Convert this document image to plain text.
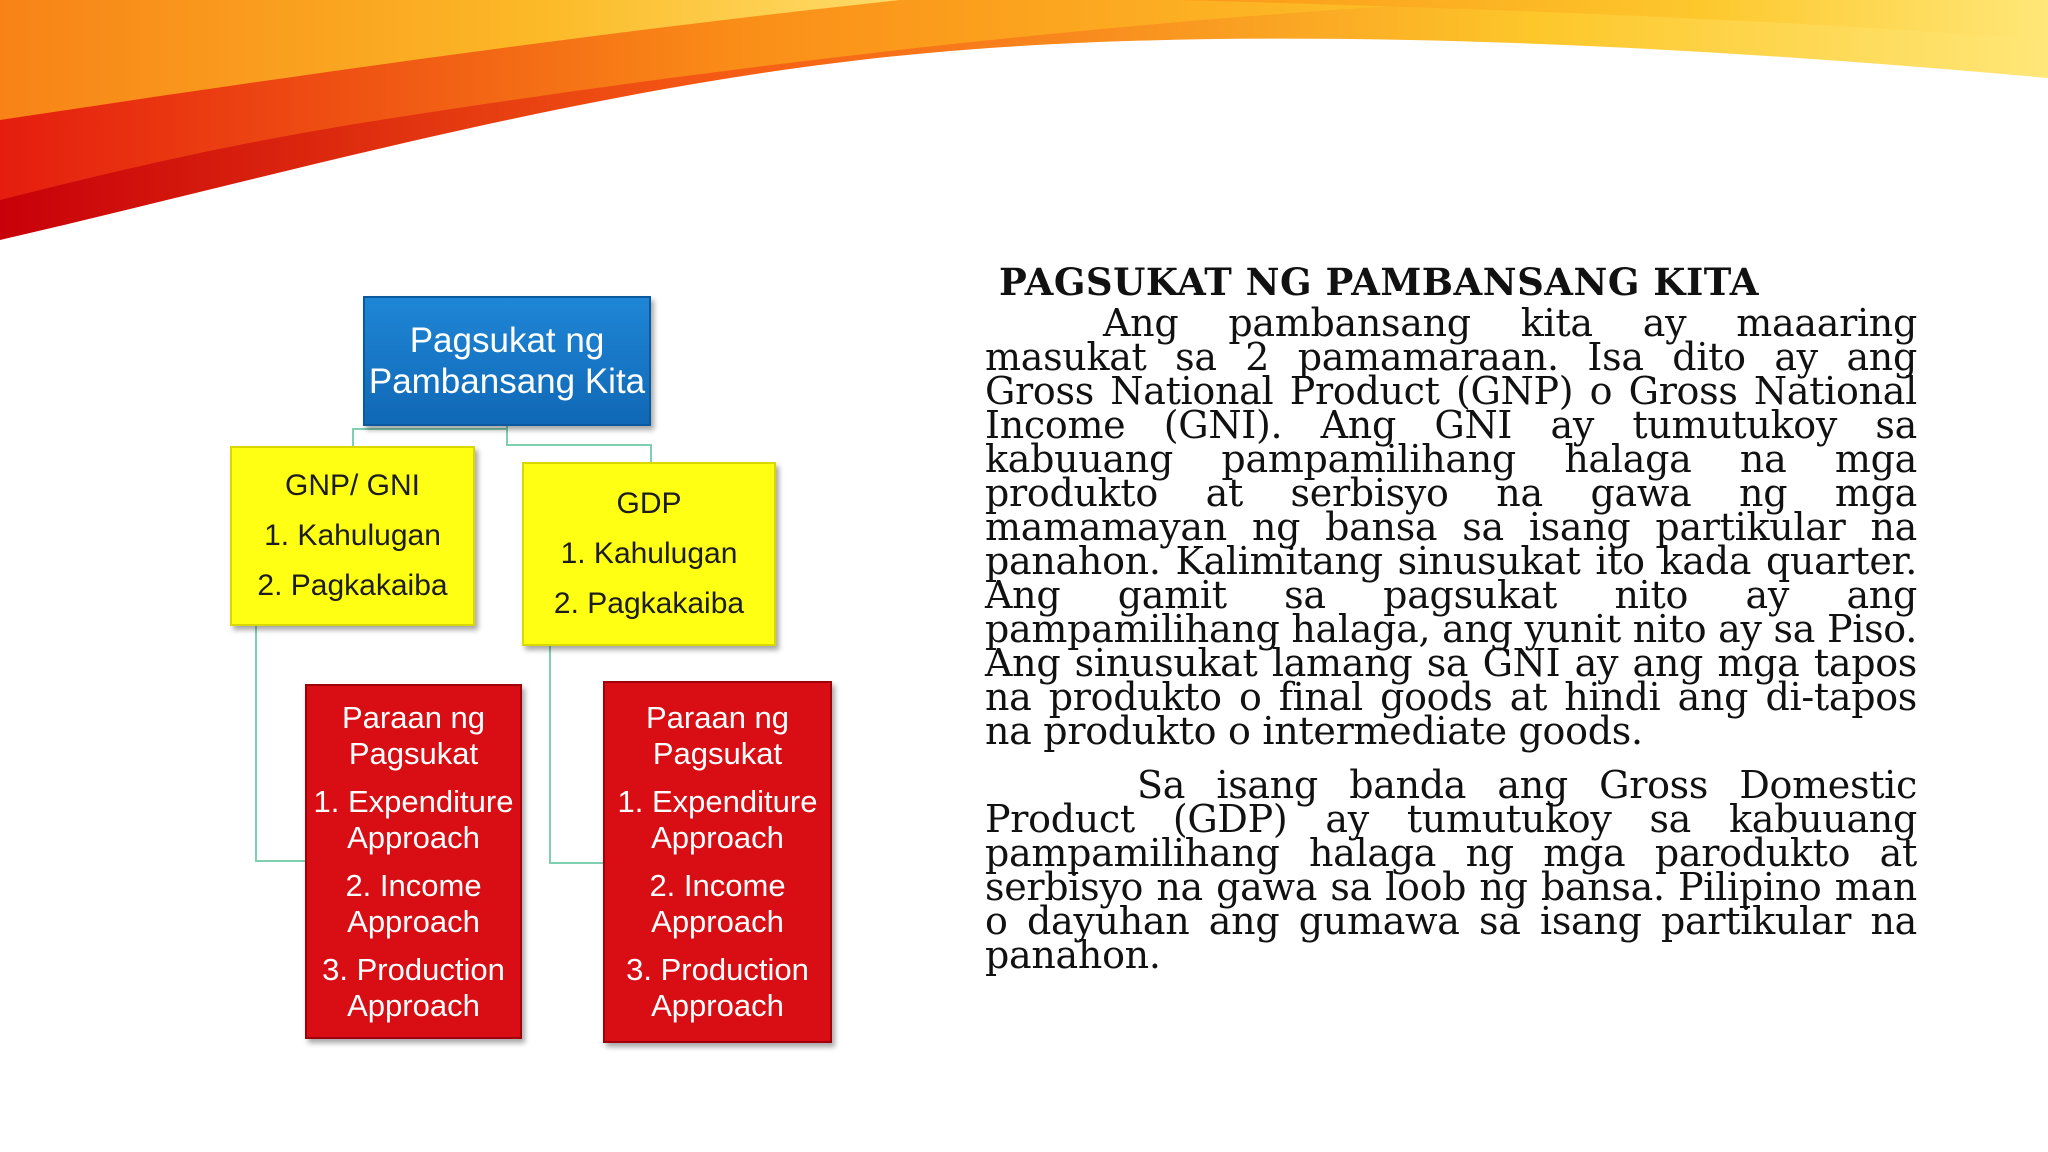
Pagsukat ng
Pambansang Kita
GNP/ GNI
1. Kahulugan
2. Pagkakaiba
GDP
1. Kahulugan
2. Pagkakaiba
Paraan ng
Pagsukat
1. Expenditure
Approach
2. Income
Approach
3. Production
Approach
Paraan ng
Pagsukat
1. Expenditure
Approach
2. Income
Approach
3. Production
Approach
PAGSUKAT NG PAMBANSANG KITA

Ang pambansang kita ay maaaring masukat sa 2 pamamaraan. Isa dito ay ang Gross National Product (GNP) o Gross National Income (GNI). Ang GNI ay tumutukoy sa kabuuang pampamilihang halaga na mga produkto at serbisyo na gawa ng mga mamamayan ng bansa sa isang partikular na panahon. Kalimitang sinusukat ito kada quarter. Ang gamit sa pagsukat nito ay ang pampamilihang halaga, ang yunit nito ay sa Piso. Ang sinusukat lamang sa GNI ay ang mga tapos na produkto o final goods at hindi ang di-tapos na produkto o intermediate goods.

Sa isang banda ang Gross Domestic Product (GDP) ay tumutukoy sa kabuuang pampamilihang halaga ng mga parodukto at serbisyo na gawa sa loob ng bansa. Pilipino man o dayuhan ang gumawa sa isang partikular na panahon.
